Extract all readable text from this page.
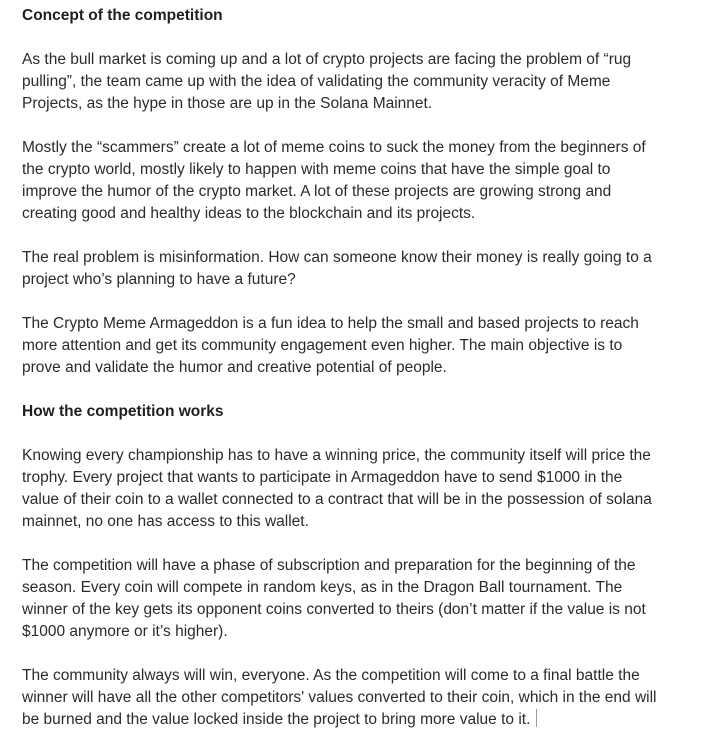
Concept of the competition
As the bull market is coming up and a lot of crypto projects are facing the problem of “rug
pulling”, the team came up with the idea of validating the community veracity of Meme
Projects, as the hype in those are up in the Solana Mainnet.
Mostly the “scammers” create a lot of meme coins to suck the money from the beginners of
the crypto world, mostly likely to happen with meme coins that have the simple goal to
improve the humor of the crypto market. A lot of these projects are growing strong and
creating good and healthy ideas to the blockchain and its projects.
The real problem is misinformation. How can someone know their money is really going to a
project who’s planning to have a future?
The Crypto Meme Armageddon is a fun idea to help the small and based projects to reach
more attention and get its community engagement even higher. The main objective is to
prove and validate the humor and creative potential of people.
How the competition works
Knowing every championship has to have a winning price, the community itself will price the
trophy. Every project that wants to participate in Armageddon have to send $1000 in the
value of their coin to a wallet connected to a contract that will be in the possession of solana
mainnet, no one has access to this wallet.
The competition will have a phase of subscription and preparation for the beginning of the
season. Every coin will compete in random keys, as in the Dragon Ball tournament. The
winner of the key gets its opponent coins converted to theirs (don’t matter if the value is not
$1000 anymore or it’s higher).
The community always will win, everyone. As the competition will come to a final battle the
winner will have all the other competitors' values converted to their coin, which in the end will
be burned and the value locked inside the project to bring more value to it.
